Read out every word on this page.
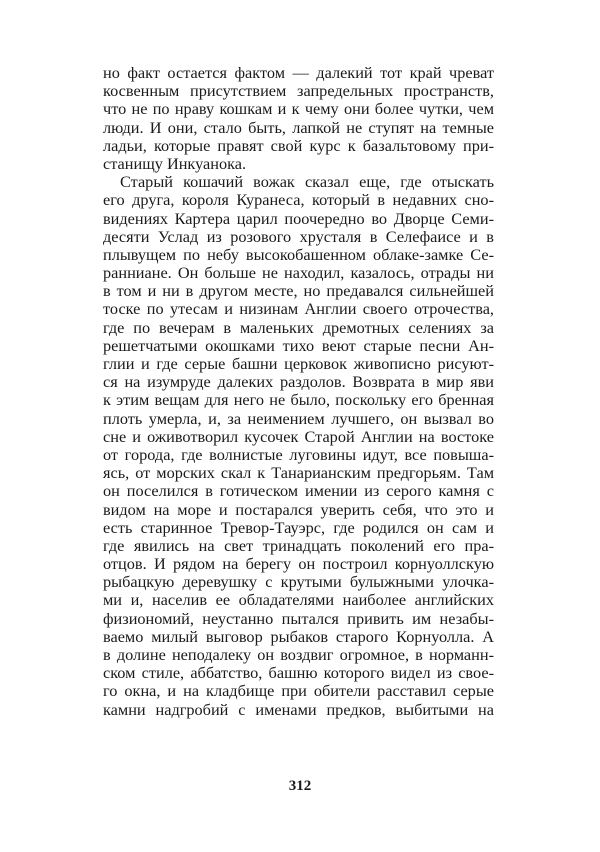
но факт остается фактом — далекий тот край чреват
косвенным присутствием запредельных пространств,
что не по нраву кошкам и к чему они более чутки, чем
люди. И они, стало быть, лапкой не ступят на темные
ладьи, которые правят свой курс к базальтовому при-
станищу Инкуанока.
Старый кошачий вожак сказал еще, где отыскать
его друга, короля Куранеса, который в недавних сно-
видениях Картера царил поочередно во Дворце Семи-
десяти Услад из розового хрусталя в Селефаисе и в
плывущем по небу высокобашенном облаке-замке Се-
ранниане. Он больше не находил, казалось, отрады ни
в том и ни в другом месте, но предавался сильнейшей
тоске по утесам и низинам Англии своего отрочества,
где по вечерам в маленьких дремотных селениях за
решетчатыми окошками тихо веют старые песни Ан-
глии и где серые башни церковок живописно рисуют-
ся на изумруде далеких раздолов. Возврата в мир яви
к этим вещам для него не было, поскольку его бренная
плоть умерла, и, за неимением лучшего, он вызвал во
сне и оживотворил кусочек Старой Англии на востоке
от города, где волнистые луговины идут, все повыша-
ясь, от морских скал к Танарианским предгорьям. Там
он поселился в готическом имении из серого камня с
видом на море и постарался уверить себя, что это и
есть старинное Тревор-Тауэрс, где родился он сам и
где явились на свет тринадцать поколений его пра-
отцов. И рядом на берегу он построил корнуоллскую
рыбацкую деревушку с крутыми булыжными улочка-
ми и, населив ее обладателями наиболее английских
физиономий, неустанно пытался привить им незабы-
ваемо милый выговор рыбаков старого Корнуолла. А
в долине неподалеку он воздвиг огромное, в норманн-
ском стиле, аббатство, башню которого видел из свое-
го окна, и на кладбище при обители расставил серые
камни надгробий с именами предков, выбитыми на
312
